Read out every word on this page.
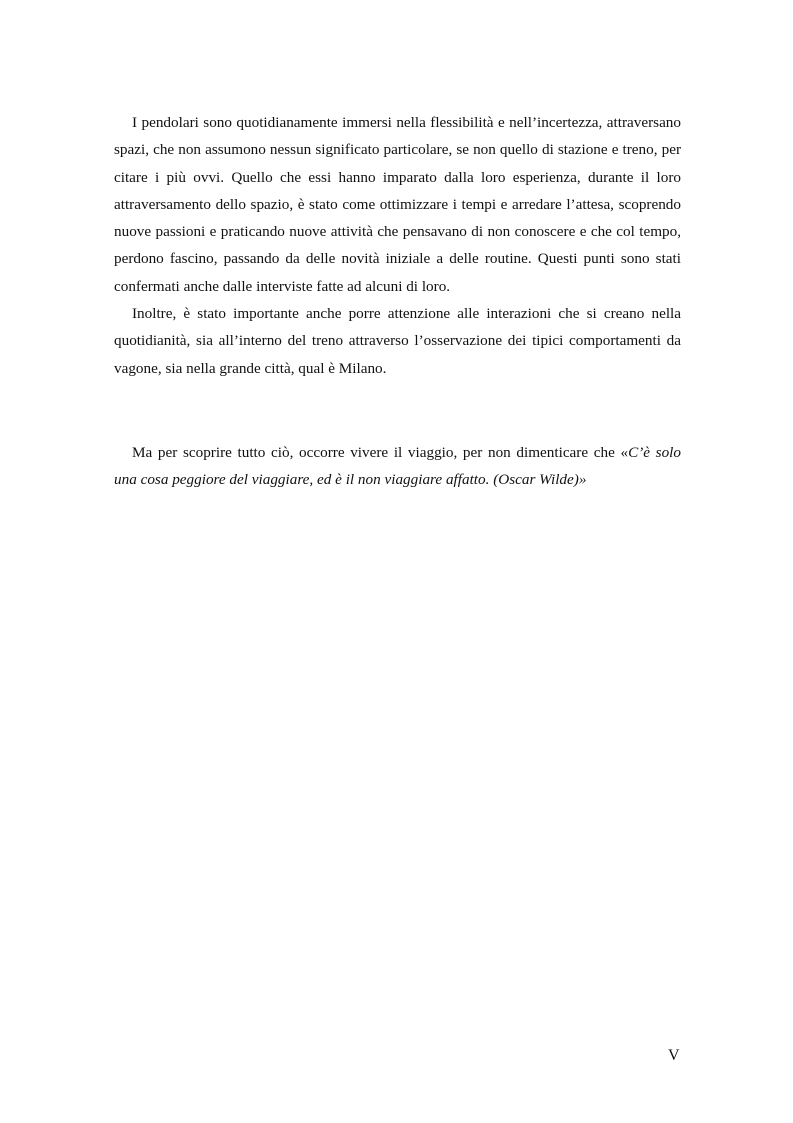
I pendolari sono quotidianamente immersi nella flessibilità e nell’incertezza, attraversano spazi, che non assumono nessun significato particolare, se non quello di stazione e treno, per citare i più ovvi. Quello che essi hanno imparato dalla loro esperienza, durante il loro attraversamento dello spazio, è stato come ottimizzare i tempi e arredare l’attesa, scoprendo nuove passioni e praticando nuove attività che pensavano di non conoscere e che col tempo, perdono fascino, passando da delle novità iniziale a delle routine. Questi punti sono stati confermati anche dalle interviste fatte ad alcuni di loro.

Inoltre, è stato importante anche porre attenzione alle interazioni che si creano nella quotidianità, sia all’interno del treno attraverso l’osservazione dei tipici comportamenti da vagone, sia nella grande città, qual è Milano.

Ma per scoprire tutto ciò, occorre vivere il viaggio, per non dimenticare che «C’è solo una cosa peggiore del viaggiare, ed è il non viaggiare affatto. (Oscar Wilde)»

V
